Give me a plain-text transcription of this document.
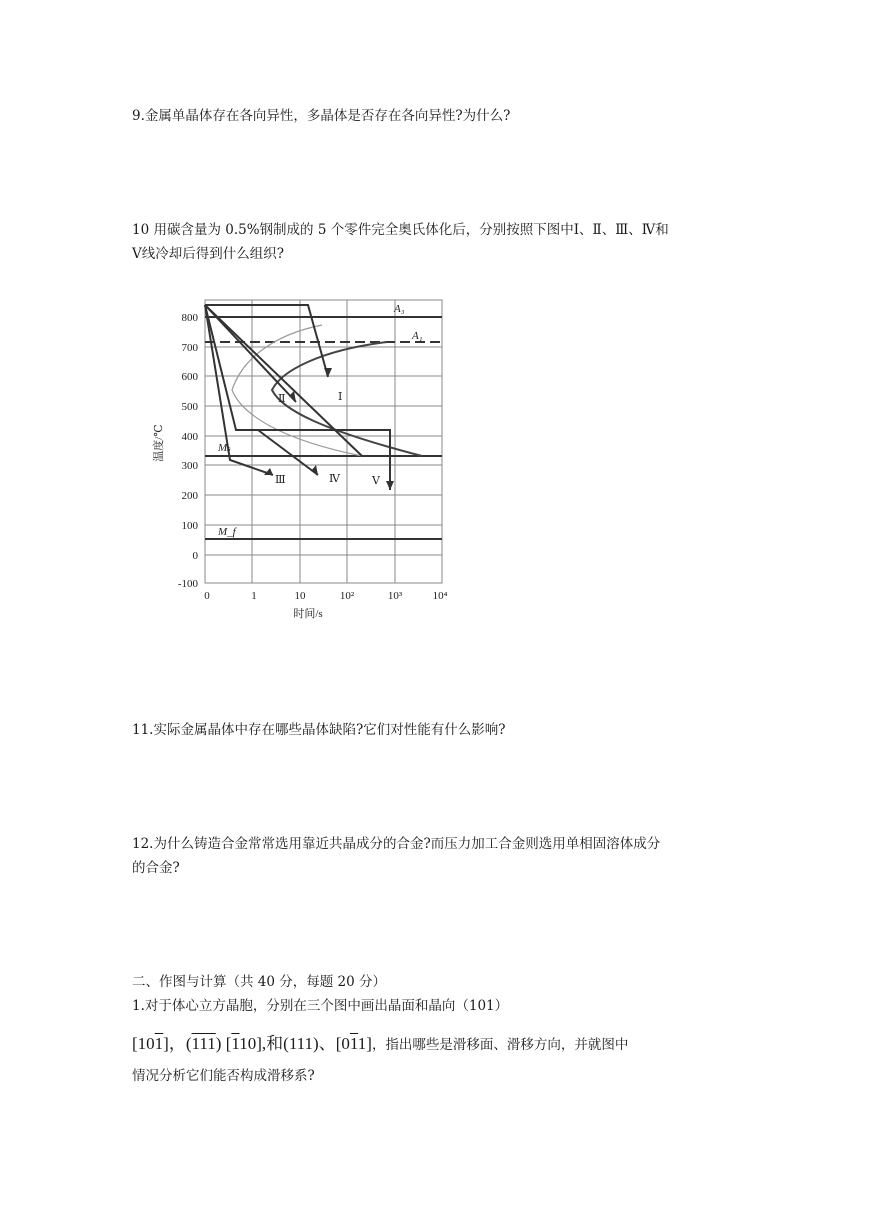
9.金属单晶体存在各向异性，多晶体是否存在各向异性?为什么?

10 用碳含量为 0.5%钢制成的 5 个零件完全奥氏体化后，分别按照下图中Ⅰ、Ⅱ、Ⅲ、Ⅳ和

Ⅴ线冷却后得到什么组织?

Ⅰ
Ⅱ
Ⅲ	Ⅳ	Ⅴ
A₃
A₁
Mₛ
M_f
800
700
600
500
400
300
200
100
0
-100
0	1	10	10²	10³	10⁴
时间/s
温度/℃

11.实际金属晶体中存在哪些晶体缺陷?它们对性能有什么影响?

12.为什么铸造合金常常选用靠近共晶成分的合金?而压力加工合金则选用单相固溶体成分

的合金?

二、作图与计算（共 40 分，每题 20 分）

1.对于体心立方晶胞，分别在三个图中画出晶面和晶向（101）

[101]，(111) [110],和(111)、[011]，指出哪些是滑移面、滑移方向，并就图中

情况分析它们能否构成滑移系?
